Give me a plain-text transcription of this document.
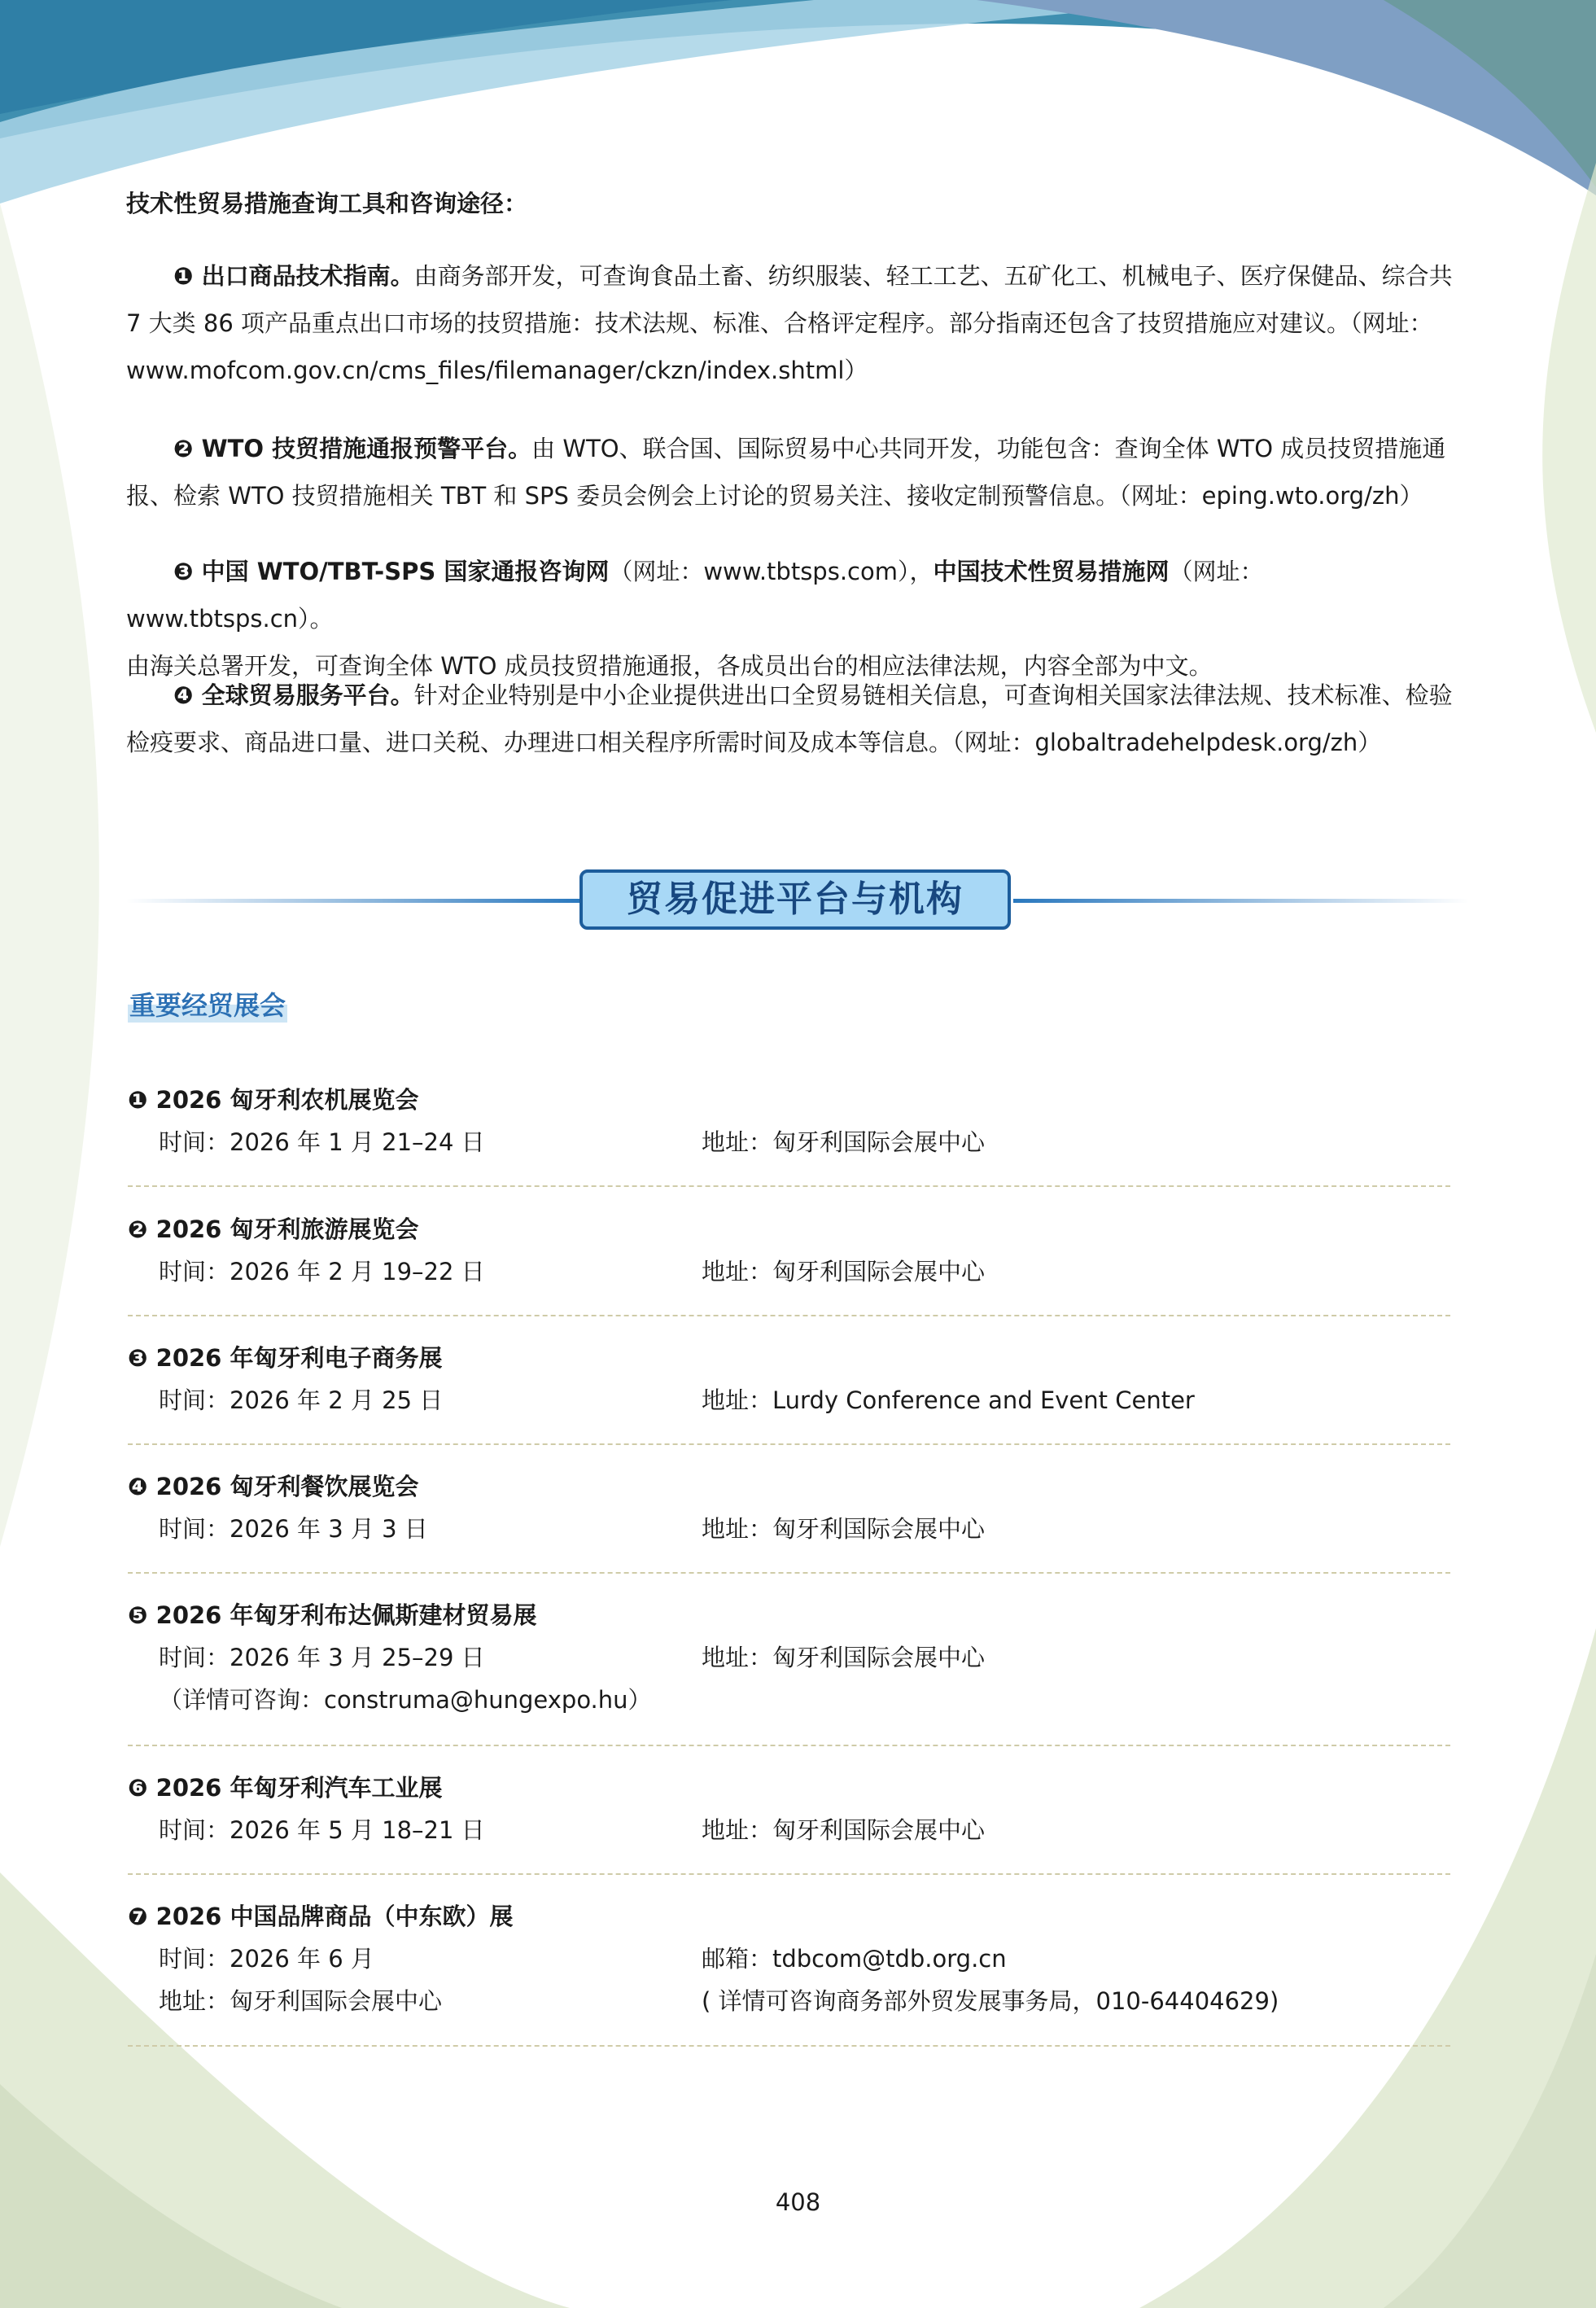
技术性贸易措施查询工具和咨询途径：
❶ 出口商品技术指南。由商务部开发，可查询食品土畜、纺织服装、轻工工艺、五矿化工、机械电子、医疗保健品、综合共 7 大类 86 项产品重点出口市场的技贸措施：技术法规、标准、合格评定程序。部分指南还包含了技贸措施应对建议。（网址：www.mofcom.gov.cn/cms_files/filemanager/ckzn/index.shtml）
❷ WTO 技贸措施通报预警平台。由 WTO、联合国、国际贸易中心共同开发，功能包含：查询全体 WTO 成员技贸措施通报、检索 WTO 技贸措施相关 TBT 和 SPS 委员会例会上讨论的贸易关注、接收定制预警信息。（网址：eping.wto.org/zh）
❸ 中国 WTO/TBT-SPS 国家通报咨询网（网址：www.tbtsps.com），中国技术性贸易措施网（网址：www.tbtsps.cn）。
由海关总署开发，可查询全体 WTO 成员技贸措施通报，各成员出台的相应法律法规，内容全部为中文。
❹ 全球贸易服务平台。针对企业特别是中小企业提供进出口全贸易链相关信息，可查询相关国家法律法规、技术标准、检验检疫要求、商品进口量、进口关税、办理进口相关程序所需时间及成本等信息。（网址：globaltradehelpdesk.org/zh）
贸易促进平台与机构
重要经贸展会
❶ 2026 匈牙利农机展览会
时间：2026 年 1 月 21–24 日	地址：匈牙利国际会展中心
❷ 2026 匈牙利旅游展览会
时间：2026 年 2 月 19–22 日	地址：匈牙利国际会展中心
❸ 2026 年匈牙利电子商务展
时间：2026 年 2 月 25 日	地址：Lurdy Conference and Event Center
❹ 2026 匈牙利餐饮展览会
时间：2026 年 3 月 3 日	地址：匈牙利国际会展中心
❺ 2026 年匈牙利布达佩斯建材贸易展
时间：2026 年 3 月 25–29 日	地址：匈牙利国际会展中心
（详情可咨询：construma@hungexpo.hu）
❻ 2026 年匈牙利汽车工业展
时间：2026 年 5 月 18–21 日	地址：匈牙利国际会展中心
❼ 2026 中国品牌商品（中东欧）展
时间：2026 年 6 月	邮箱：tdbcom@tdb.org.cn
地址：匈牙利国际会展中心	( 详情可咨询商务部外贸发展事务局，010-64404629)
408
